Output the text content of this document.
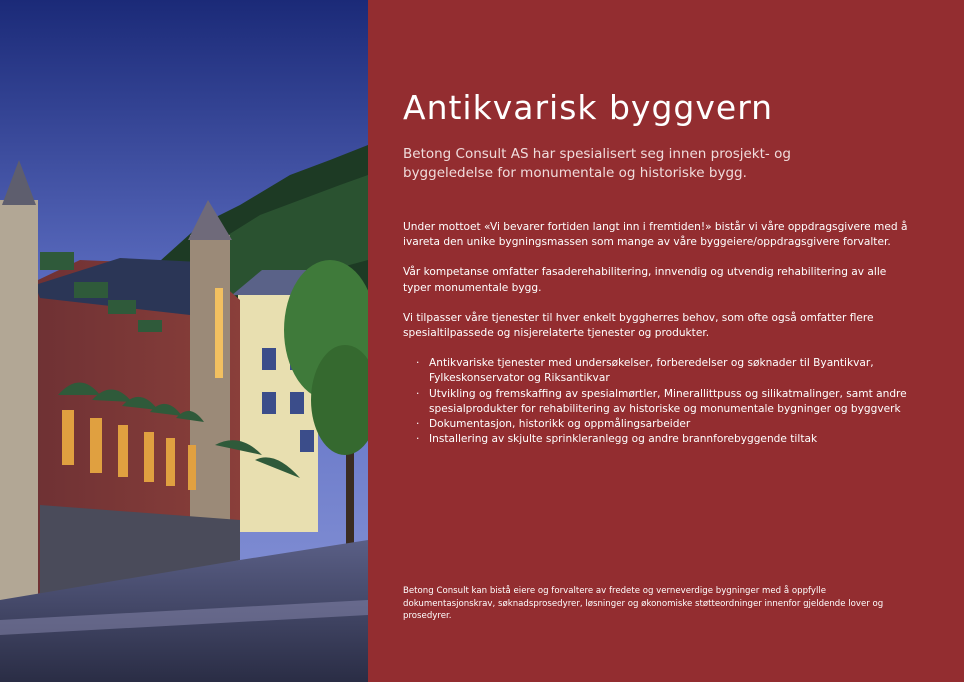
Antikvarisk byggvern

Betong Consult AS har spesialisert seg innen prosjekt- og byggeledelse for monumentale og historiske bygg.

Under mottoet «Vi bevarer fortiden langt inn i fremtiden!» bistår vi våre oppdragsgivere med å ivareta den unike bygningsmassen som mange av våre byggeiere/oppdragsgivere forvalter.

Vår kompetanse omfatter fasaderehabilitering, innvendig og utvendig rehabilitering av alle typer monumentale bygg.

Vi tilpasser våre tjenester til hver enkelt byggherres behov, som ofte også omfatter flere spesialtilpassede og nisjerelaterte tjenester og produkter.

· Antikvariske tjenester med undersøkelser, forberedelser og søknader til Byantikvar, Fylkeskonservator og Riksantikvar
· Utvikling og fremskaffing av spesialmørtler, Minerallittpuss og silikatmalinger, samt andre spesialprodukter for rehabilitering av historiske og monumentale bygninger og byggverk
· Dokumentasjon, historikk og oppmålingsarbeider
· Installering av skjulte sprinkleranlegg og andre brannforebyggende tiltak

Betong Consult kan bistå eiere og forvaltere av fredete og verneverdige bygninger med å oppfylle dokumentasjonskrav, søknadsprosedyrer, løsninger og økonomiske støtteordninger innenfor gjeldende lover og prosedyrer.
